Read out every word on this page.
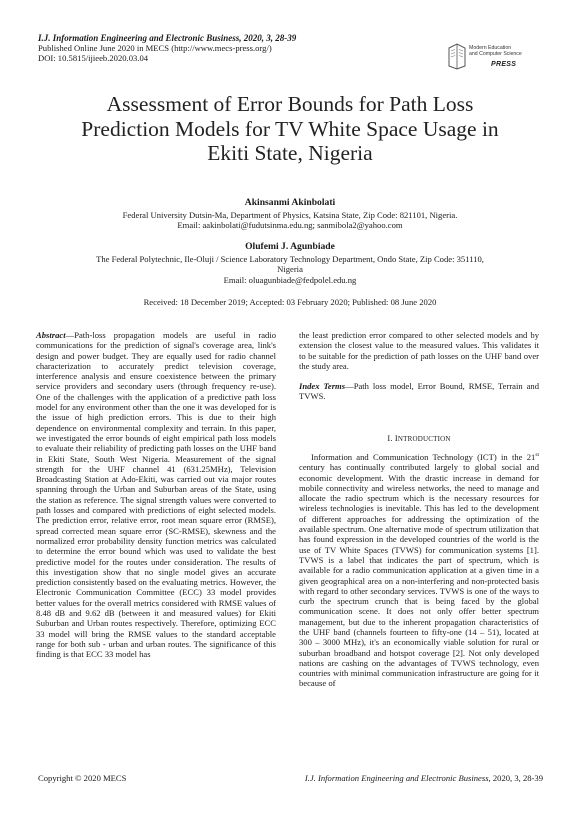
I.J. Information Engineering and Electronic Business, 2020, 3, 28-39
Published Online June 2020 in MECS (http://www.mecs-press.org/)
DOI: 10.5815/ijieeb.2020.03.04
Modern Education
and Computer Science
PRESS
Assessment of Error Bounds for Path Loss Prediction Models for TV White Space Usage in Ekiti State, Nigeria
Akinsanmi Akinbolati
Federal University Dutsin-Ma, Department of Physics, Katsina State, Zip Code: 821101, Nigeria.
Email: aakinbolati@fudutsinma.edu.ng; sanmibola2@yahoo.com
Olufemi J. Agunbiade
The Federal Polytechnic, Ile-Oluji / Science Laboratory Technology Department, Ondo State, Zip Code: 351110,
Nigeria
Email: oluagunbiade@fedpolel.edu.ng
Received: 18 December 2019; Accepted: 03 February 2020; Published: 08 June 2020

Abstract—Path-loss propagation models are useful in radio communications for the prediction of signal's coverage area, link's design and power budget. They are equally used for radio channel characterization to accurately predict television coverage, interference analysis and ensure coexistence between the primary service providers and secondary users (through frequency re-use). One of the challenges with the application of a predictive path loss model for any environment other than the one it was developed for is the issue of high prediction errors. This is due to their high dependence on environmental complexity and terrain. In this paper, we investigated the error bounds of eight empirical path loss models to evaluate their reliability of predicting path losses on the UHF band in Ekiti State, South West Nigeria. Measurement of the signal strength for the UHF channel 41 (631.25MHz), Television Broadcasting Station at Ado-Ekiti, was carried out via major routes spanning through the Urban and Suburban areas of the State, using the station as reference. The signal strength values were converted to path losses and compared with predictions of eight selected models. The prediction error, relative error, root mean square error (RMSE), spread corrected mean square error (SC-RMSE), skewness and the normalized error probability density function metrics was calculated to determine the error bound which was used to validate the best predictive model for the routes under consideration. The results of this investigation show that no single model gives an accurate prediction consistently based on the evaluating metrics. However, the Electronic Communication Committee (ECC) 33 model provides better values for the overall metrics considered with RMSE values of 8.48 dB and 9.62 dB (between it and measured values) for Ekiti Suburban and Urban routes respectively. Therefore, optimizing ECC 33 model will bring the RMSE values to the standard acceptable range for both sub - urban and urban routes. The significance of this finding is that ECC 33 model has

the least prediction error compared to other selected models and by extension the closest value to the measured values. This validates it to be suitable for the prediction of path losses on the UHF band over the study area.

Index Terms—Path loss model, Error Bound, RMSE, Terrain and TVWS.

I. INTRODUCTION

Information and Communication Technology (ICT) in the 21st century has continually contributed largely to global social and economic development. With the drastic increase in demand for mobile connectivity and wireless networks, the need to manage and allocate the radio spectrum which is the necessary resources for wireless technologies is inevitable. This has led to the development of different approaches for addressing the optimization of the available spectrum. One alternative mode of spectrum utilization that has found expression in the developed countries of the world is the use of TV White Spaces (TVWS) for communication systems [1]. TVWS is a label that indicates the part of spectrum, which is available for a radio communication application at a given time in a given geographical area on a non-interfering and non-protected basis with regard to other secondary services. TVWS is one of the ways to curb the spectrum crunch that is being faced by the global communication scene. It does not only offer better spectrum management, but due to the inherent propagation characteristics of the UHF band (channels fourteen to fifty-one (14 – 51), located at 300 – 3000 MHz), it's an economically viable solution for rural or suburban broadband and hotspot coverage [2]. Not only developed nations are cashing on the advantages of TVWS technology, even countries with minimal communication infrastructure are going for it because of

Copyright © 2020 MECS	I.J. Information Engineering and Electronic Business, 2020, 3, 28-39
